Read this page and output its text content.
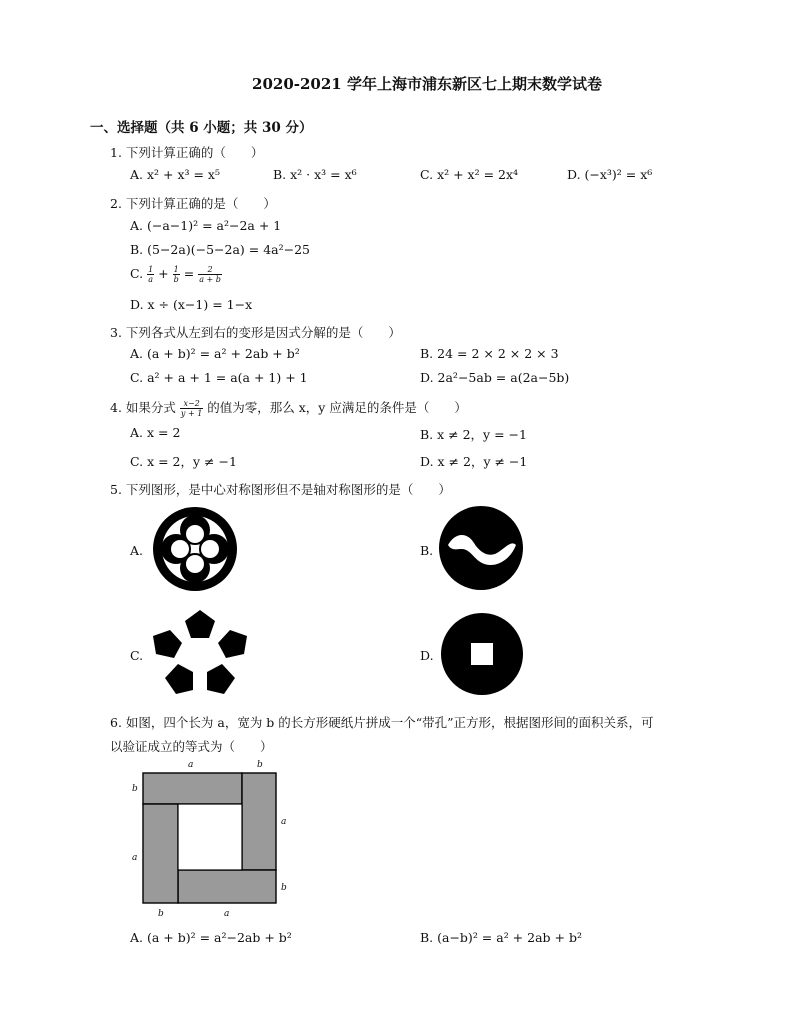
2020-2021 学年上海市浦东新区七上期末数学试卷
一、选择题（共 6 小题；共 30 分）
1. 下列计算正确的（　　）
A. x² + x³ = x⁵	B. x² · x³ = x⁶	C. x² + x² = 2x⁴	D. (−x³)² = x⁶
2. 下列计算正确的是（　　）
A. (−a−1)² = a²−2a + 1
B. (5−2a)(−5−2a) = 4a²−25
C. $\frac{1}{a} + \frac{1}{b} = \frac{2}{a + b}$
D. x ÷ (x−1) = 1−x
3. 下列各式从左到右的变形是因式分解的是（　　）
A. (a + b)² = a² + 2ab + b²	B. 24 = 2 × 2 × 2 × 3
C. a² + a + 1 = a(a + 1) + 1	D. 2a²−5ab = a(2a−5b)
4. 如果分式 $\frac{x-2}{y + 1}$ 的值为零，那么 x，y 应满足的条件是（　　）
A. x = 2	B. x ≠ 2，y = −1
C. x = 2，y ≠ −1	D. x ≠ 2，y ≠ −1
5. 下列图形，是中心对称图形但不是轴对称图形的是（　　）
A.	B.
C.	D.
6. 如图，四个长为 a，宽为 b 的长方形硬纸片拼成一个“带孔”正方形，根据图形间的面积关系，可
以验证成立的等式为（　　）
a	b
b
a
a
b
b	a
A. (a + b)² = a²−2ab + b²	B. (a−b)² = a² + 2ab + b²
